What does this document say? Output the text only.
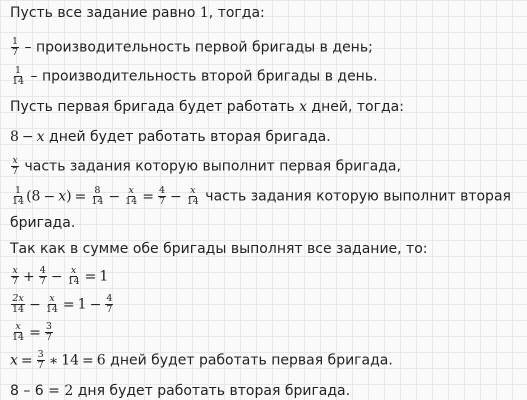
Пусть все задание равно 1, тогда:
$\frac{1}{7}$ – производительность первой бригады в день;
$\frac{1}{14}$ – производительность второй бригады в день.
Пусть первая бригада будет работать x дней, тогда:
8 − x дней будет работать вторая бригада.
$\frac{x}{7}$ часть задания которую выполнит первая бригада,
$\frac{1}{14} (8 - x) = \frac{8}{14} - \frac{x}{14} = \frac{4}{7} - \frac{x}{14}$ часть задания которую выполнит вторая
бригада.
Так как в сумме обе бригады выполнят все задание, то:
$\frac{x}{7} + \frac{4}{7} - \frac{x}{14} = 1$
$\frac{2x}{14} - \frac{x}{14} = 1 - \frac{4}{7}$
$\frac{x}{14} = \frac{3}{7}$
$x = \frac{3}{7}$ ∗ 14 = 6 дней будет работать первая бригада.
8 – 6 = 2 дня будет работать вторая бригада.
